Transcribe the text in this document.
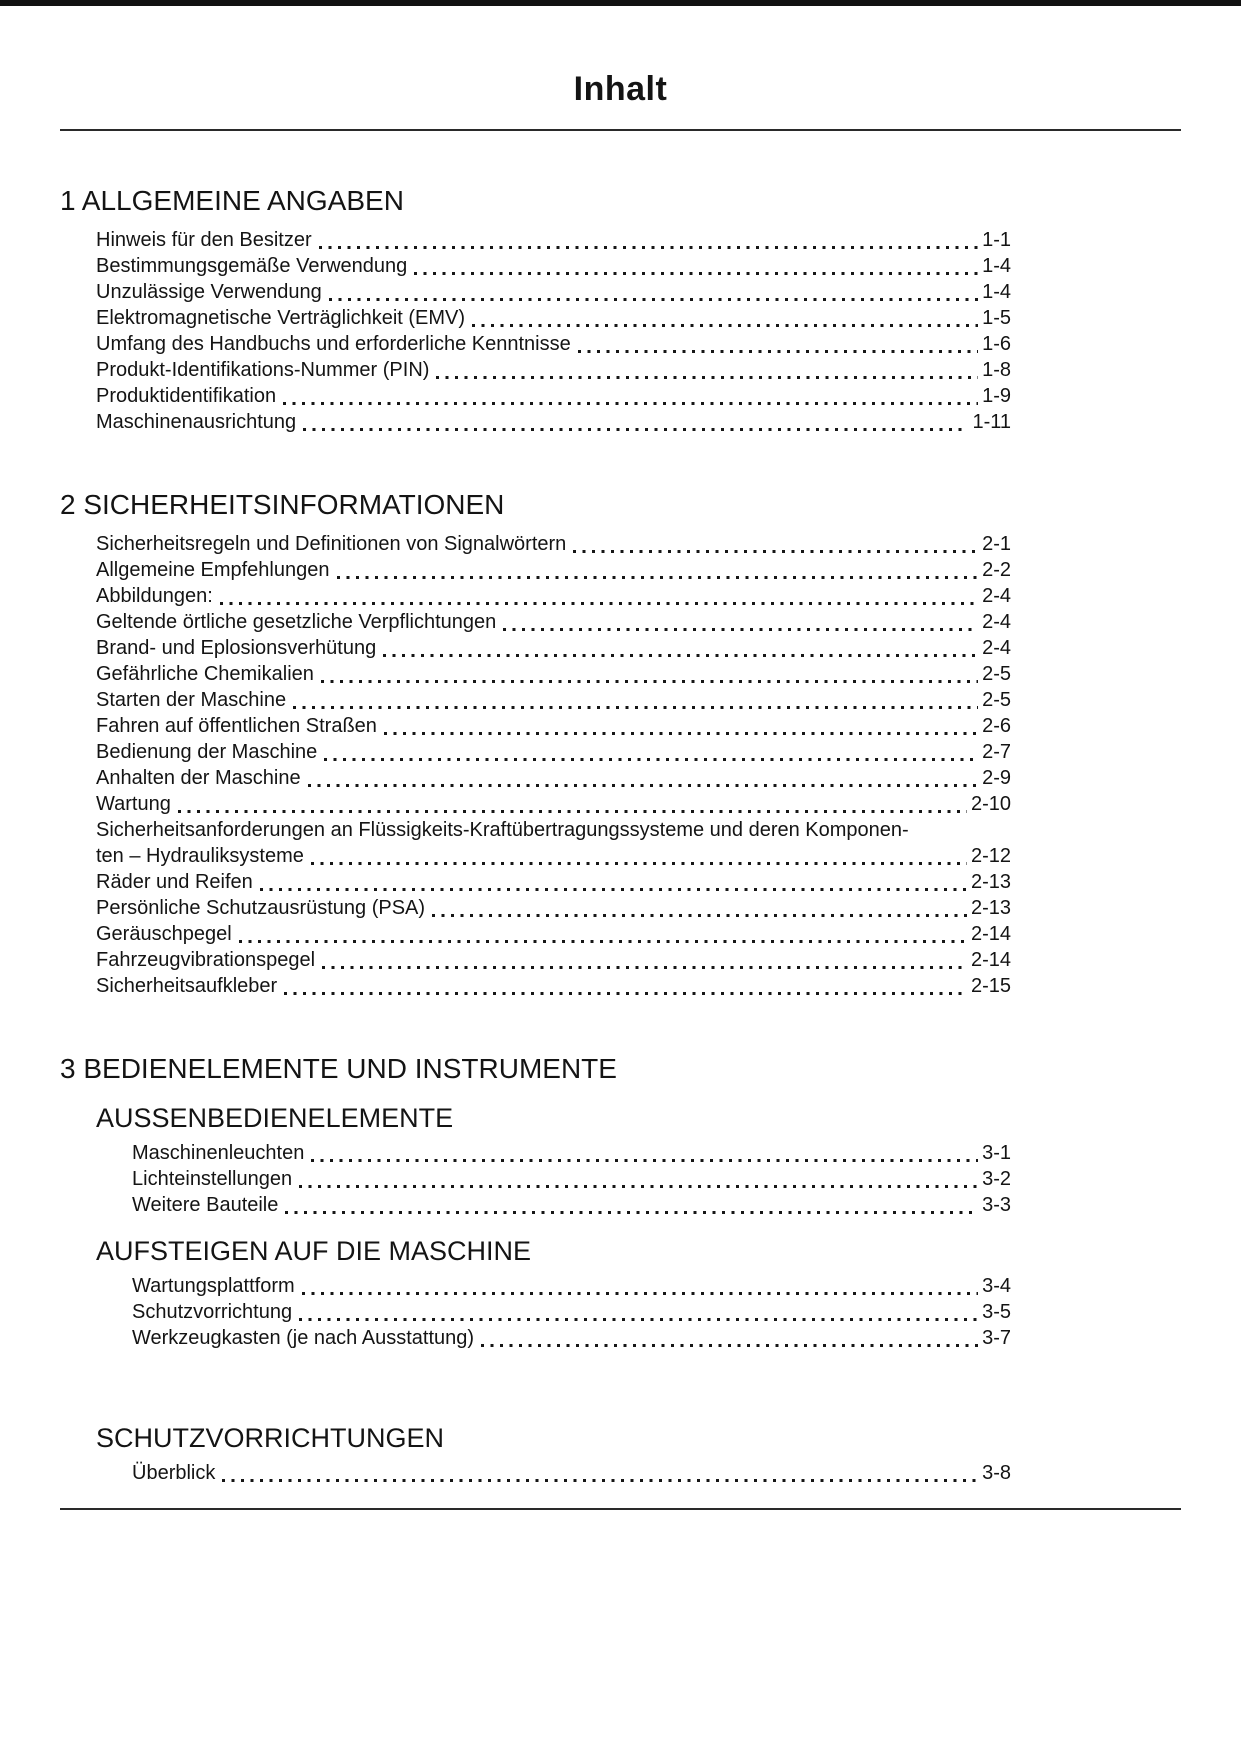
Inhalt
1 ALLGEMEINE ANGABEN
Hinweis für den Besitzer	1-1
Bestimmungsgemäße Verwendung	1-4
Unzulässige Verwendung	1-4
Elektromagnetische Verträglichkeit (EMV)	1-5
Umfang des Handbuchs und erforderliche Kenntnisse	1-6
Produkt-Identifikations-Nummer (PIN)	1-8
Produktidentifikation	1-9
Maschinenausrichtung	1-11
2 SICHERHEITSINFORMATIONEN
Sicherheitsregeln und Definitionen von Signalwörtern	2-1
Allgemeine Empfehlungen	2-2
Abbildungen:	2-4
Geltende örtliche gesetzliche Verpflichtungen	2-4
Brand- und Eplosionsverhütung	2-4
Gefährliche Chemikalien	2-5
Starten der Maschine	2-5
Fahren auf öffentlichen Straßen	2-6
Bedienung der Maschine	2-7
Anhalten der Maschine	2-9
Wartung	2-10
Sicherheitsanforderungen an Flüssigkeits-Kraftübertragungssysteme und deren Komponen-
ten – Hydrauliksysteme	2-12
Räder und Reifen	2-13
Persönliche Schutzausrüstung (PSA)	2-13
Geräuschpegel	2-14
Fahrzeugvibrationspegel	2-14
Sicherheitsaufkleber	2-15
3 BEDIENELEMENTE UND INSTRUMENTE
AUSSENBEDIENELEMENTE
Maschinenleuchten	3-1
Lichteinstellungen	3-2
Weitere Bauteile	3-3
AUFSTEIGEN AUF DIE MASCHINE
Wartungsplattform	3-4
Schutzvorrichtung	3-5
Werkzeugkasten (je nach Ausstattung)	3-7
SCHUTZVORRICHTUNGEN
Überblick	3-8
